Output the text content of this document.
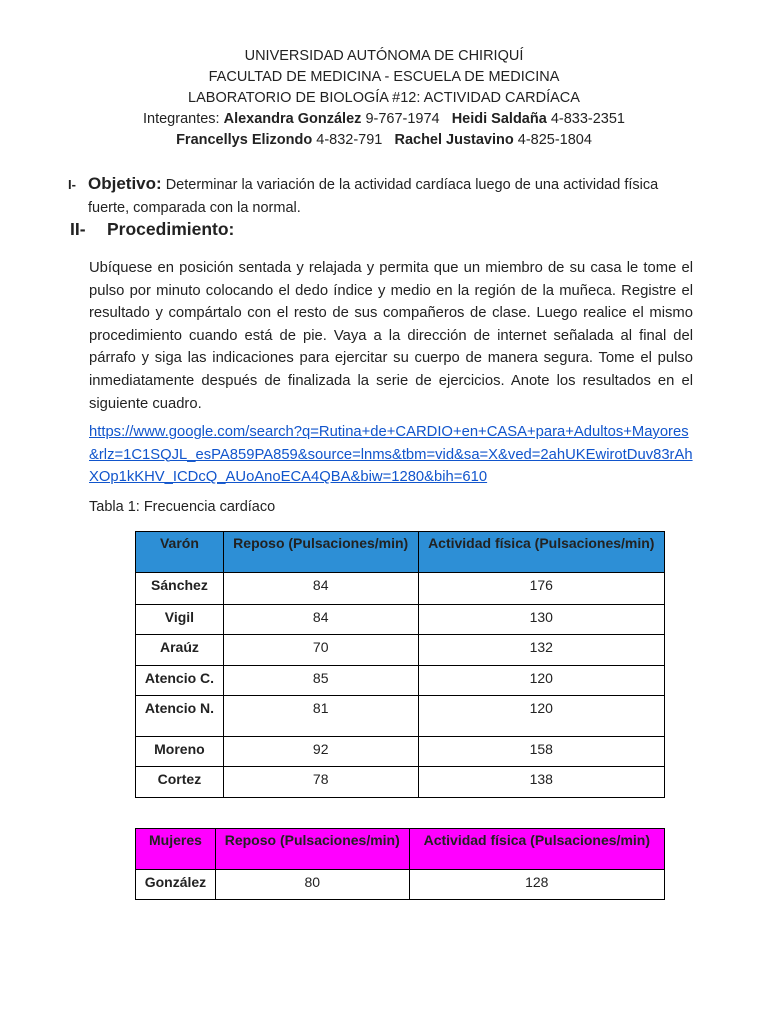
UNIVERSIDAD AUTÓNOMA DE CHIRIQUÍ
FACULTAD DE MEDICINA - ESCUELA DE MEDICINA
LABORATORIO DE BIOLOGÍA #12: ACTIVIDAD CARDÍACA
Integrantes: Alexandra González 9-767-1974 Heidi Saldaña 4-833-2351
Francellys Elizondo 4-832-791 Rachel Justavino 4-825-1804
I- Objetivo: Determinar la variación de la actividad cardíaca luego de una actividad física
fuerte, comparada con la normal.
II- Procedimiento:
Ubíquese en posición sentada y relajada y permita que un miembro de su casa le tome el pulso por minuto colocando el dedo índice y medio en la región de la muñeca. Registre el resultado y compártalo con el resto de sus compañeros de clase. Luego realice el mismo procedimiento cuando está de pie. Vaya a la dirección de internet señalada al final del párrafo y siga las indicaciones para ejercitar su cuerpo de manera segura. Tome el pulso inmediatamente después de finalizada la serie de ejercicios. Anote los resultados en el siguiente cuadro.
https://www.google.com/search?q=Rutina+de+CARDIO+en+CASA+para+Adultos+Mayores&rlz=1C1SQJL_esPA859PA859&source=lnms&tbm=vid&sa=X&ved=2ahUKEwirotDuv83rAhXOp1kKHV_ICDcQ_AUoAnoECA4QBA&biw=1280&bih=610
Tabla 1: Frecuencia cardíaco
Varón	Reposo (Pulsaciones/min)	Actividad física (Pulsaciones/min)
Sánchez	84	176
Vigil	84	130
Araúz	70	132
Atencio C.	85	120
Atencio N.	81	120
Moreno	92	158
Cortez	78	138
Mujeres	Reposo (Pulsaciones/min)	Actividad física (Pulsaciones/min)
González	80	128
